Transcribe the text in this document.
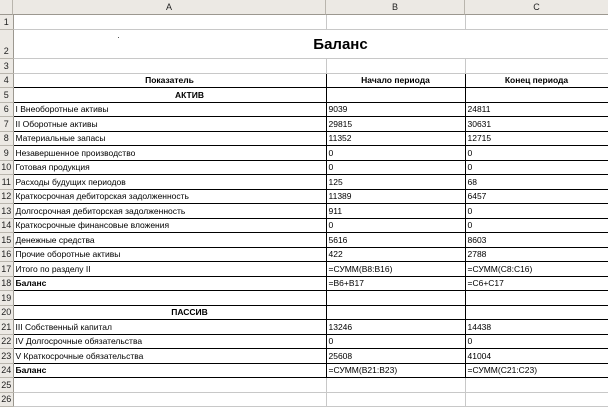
A	B	C
1			
2	Баланс		
3			
4	Показатель	Начало периода	Конец периода
5	АКТИВ		
6	I Внеоборотные активы	9039	24811
7	II Оборотные активы	29815	30631
8	Материальные запасы	11352	12715
9	Незавершенное производство	0	0
10	Готовая продукция	0	0
11	Расходы будущих периодов	125	68
12	Краткосрочная дебиторская задолженность	11389	6457
13	Долгосрочная дебиторская задолженность	911	0
14	Краткосрочные финансовые вложения	0	0
15	Денежные средства	5616	8603
16	Прочие оборотные активы	422	2788
17	Итого по разделу II	=СУММ(B8:B16)	=СУММ(C8:C16)
18	Баланс	=B6+B17	=C6+C17
19			
20	ПАССИВ		
21	III Собственный капитал	13246	14438
22	IV Долгосрочные обязательства	0	0
23	V Краткосрочные обязательства	25608	41004
24	Баланс	=СУММ(B21:B23)	=СУММ(C21:C23)
25			
26			
